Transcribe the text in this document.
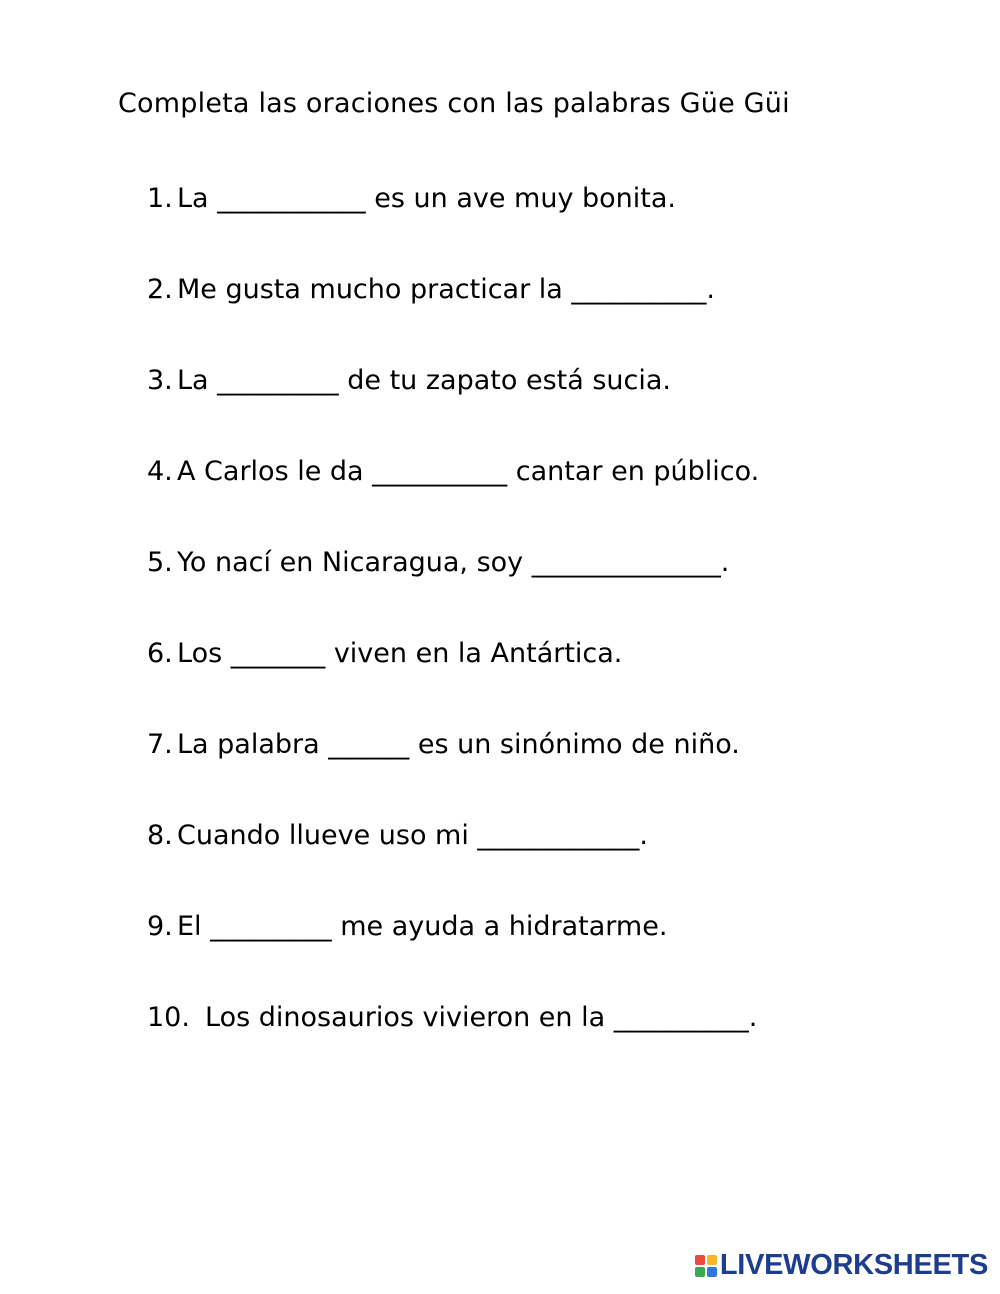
Completa las oraciones con las palabras Güe Güi
1. La ___________ es un ave muy bonita.
2. Me gusta mucho practicar la __________.
3. La _________ de tu zapato está sucia.
4. A Carlos le da __________ cantar en público.
5. Yo nací en Nicaragua, soy ______________.
6. Los _______ viven en la Antártica.
7. La palabra ______ es un sinónimo de niño.
8. Cuando llueve uso mi ____________.
9. El _________ me ayuda a hidratarme.
10. Los dinosaurios vivieron en la __________.
LIVEWORKSHEETS
